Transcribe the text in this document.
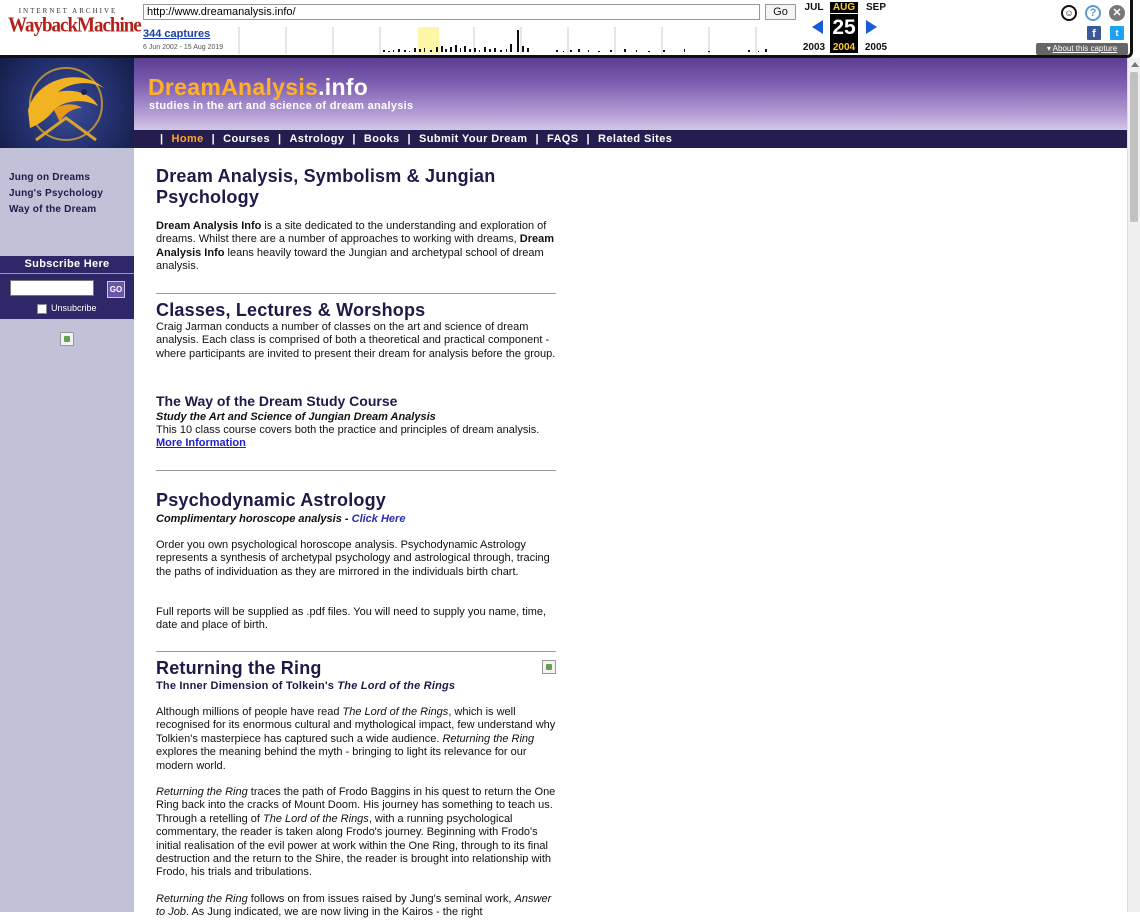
INTERNET ARCHIVE
WaybackMachine
http://www.dreamanalysis.info/
Go
344 captures
6 Jun 2002 - 15 Aug 2019
JUL AUG	SEP
25
2003 2004 2005
☺	?	✕
f	t
▾ About this capture
DreamAnalysis.info
studies in the art and science of dream analysis
| Home | Courses | Astrology | Books | Submit Your Dream | FAQS | Related Sites
Jung on Dreams
Jung's Psychology
Way of the Dream
Subscribe Here
GO
Unsubcribe
Dream Analysis, Symbolism & Jungian Psychology
Dream Analysis Info is a site dedicated to the understanding and exploration of dreams. Whilst there are a number of approaches to working with dreams, Dream Analysis Info leans heavily toward the Jungian and archetypal school of dream analysis.
Classes, Lectures & Worshops
Craig Jarman conducts a number of classes on the art and science of dream analysis. Each class is comprised of both a theoretical and practical component - where participants are invited to present their dream for analysis before the group.
The Way of the Dream Study Course
Study the Art and Science of Jungian Dream Analysis
This 10 class course covers both the practice and principles of dream analysis. More Information
Psychodynamic Astrology
Complimentary horoscope analysis - Click Here
Order you own psychological horoscope analysis. Psychodynamic Astrology represents a synthesis of archetypal psychology and astrological through, tracing the paths of individuation as they are mirrored in the individuals birth chart.
Full reports will be supplied as .pdf files. You will need to supply you name, time, date and place of birth.
Returning the Ring
The Inner Dimension of Tolkein's The Lord of the Rings
Although millions of people have read The Lord of the Rings, which is well recognised for its enormous cultural and mythological impact, few understand why Tolkien's masterpiece has captured such a wide audience. Returning the Ring explores the meaning behind the myth - bringing to light its relevance for our modern world.
Returning the Ring traces the path of Frodo Baggins in his quest to return the One Ring back into the cracks of Mount Doom. His journey has something to teach us. Through a retelling of The Lord of the Rings, with a running psychological commentary, the reader is taken along Frodo's journey. Beginning with Frodo's initial realisation of the evil power at work within the One Ring, through to its final destruction and the return to the Shire, the reader is brought into relationship with Frodo, his trials and tribulations.
Returning the Ring follows on from issues raised by Jung's seminal work, Answer to Job. As Jung indicated, we are now living in the Kairos - the right
